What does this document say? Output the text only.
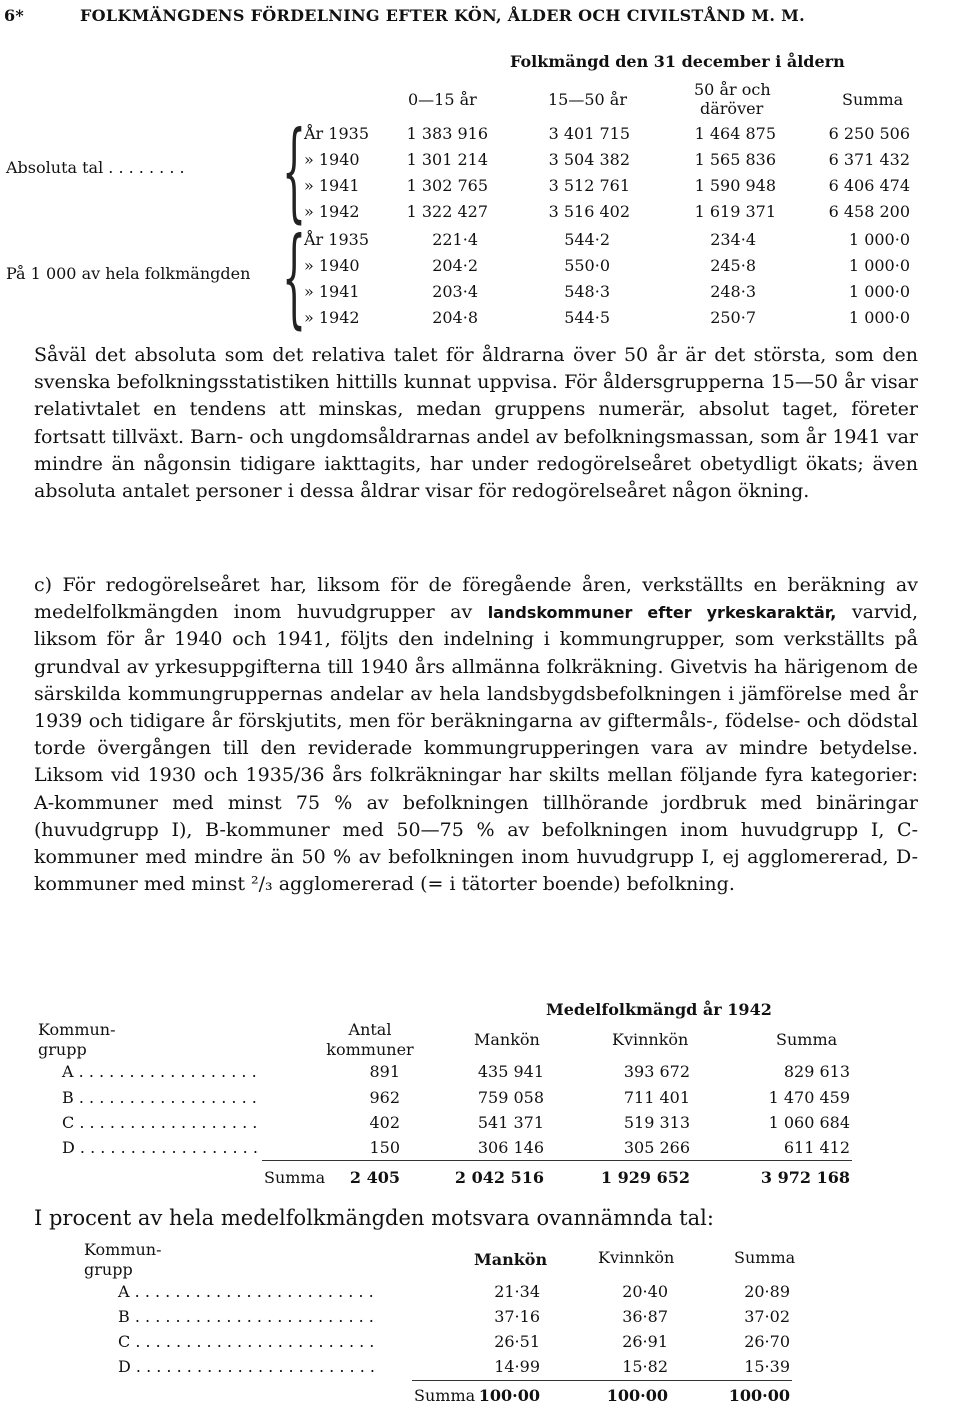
6*	FOLKMÄNGDENS FÖRDELNING EFTER KÖN, ÅLDER OCH CIVILSTÅND M. M.
Folkmängd den 31 december i åldern
0—15 år	15—50 år
50 år och
däröver	Summa
Absoluta tal . . . . . . . . {
På 1 000 av hela folkmängden {
År 1935	1 383 916	3 401 715	1 464 875	6 250 506
» 1940	1 301 214	3 504 382	1 565 836	6 371 432
» 1941	1 302 765	3 512 761	1 590 948	6 406 474
» 1942	1 322 427	3 516 402	1 619 371	6 458 200
År 1935	221·4	544·2	234·4	1 000·0
» 1940	204·2	550·0	245·8	1 000·0
» 1941	203·4	548·3	248·3	1 000·0
» 1942	204·8	544·5	250·7	1 000·0

Såväl det absoluta som det relativa talet för åldrarna över 50 år är det största, som den svenska befolkningsstatistiken hittills kunnat uppvisa. För åldersgrupperna 15—50 år visar relativtalet en tendens att minskas, medan gruppens numerär, absolut taget, företer fortsatt tillväxt. Barn- och ungdomsåldrarnas andel av befolkningsmassan, som år 1941 var mindre än någonsin tidigare iakttagits, har under redogörelseåret obetydligt ökats; även absoluta antalet personer i dessa åldrar visar för redogörelseåret någon ökning.

c) För redogörelseåret har, liksom för de föregående åren, verkställts en beräkning av medelfolkmängden inom huvudgrupper av landskommuner efter yrkeskaraktär, varvid, liksom för år 1940 och 1941, följts den indelning i kommungrupper, som verkställts på grundval av yrkesuppgifterna till 1940 års allmänna folkräkning. Givetvis ha härigenom de särskilda kommungruppernas andelar av hela landsbygdsbefolkningen i jämförelse med år 1939 och tidigare år förskjutits, men för beräkningarna av giftermåls-, födelse- och dödstal torde övergången till den reviderade kommungrupperingen vara av mindre betydelse. Liksom vid 1930 och 1935/36 års folkräkningar har skilts mellan följande fyra kategorier: A-kommuner med minst 75 % av befolkningen tillhörande jordbruk med binäringar (huvudgrupp I), B-kommuner med 50—75 % av befolkningen inom huvudgrupp I, C-kommuner med mindre än 50 % av befolkningen inom huvudgrupp I, ej agglomererad, D-kommuner med minst ²/₃ agglomererad (= i tätorter boende) befolkning.

Medelfolkmängd år 1942
Kommun-
grupp
Antal
kommuner
Mankön	Kvinnkön	Summa
A . . . . . . . . . . . . . . . . . .	891	435 941	393 672	829 613
B . . . . . . . . . . . . . . . . . .	962	759 058	711 401	1 470 459
C . . . . . . . . . . . . . . . . . .	402	541 371	519 313	1 060 684
D . . . . . . . . . . . . . . . . . .	150	306 146	305 266	611 412
Summa	2 405	2 042 516	1 929 652	3 972 168
I procent av hela medelfolkmängden motsvara ovannämnda tal:
Kommun-
grupp
Mankön	Kvinnkön	Summa
A . . . . . . . . . . . . . . . . . . . . . . . .	21·34	20·40	20·89
B . . . . . . . . . . . . . . . . . . . . . . . .	37·16	36·87	37·02
C . . . . . . . . . . . . . . . . . . . . . . . .	26·51	26·91	26·70
D . . . . . . . . . . . . . . . . . . . . . . . .	14·99	15·82	15·39
Summa 100·00	100·00	100·00
